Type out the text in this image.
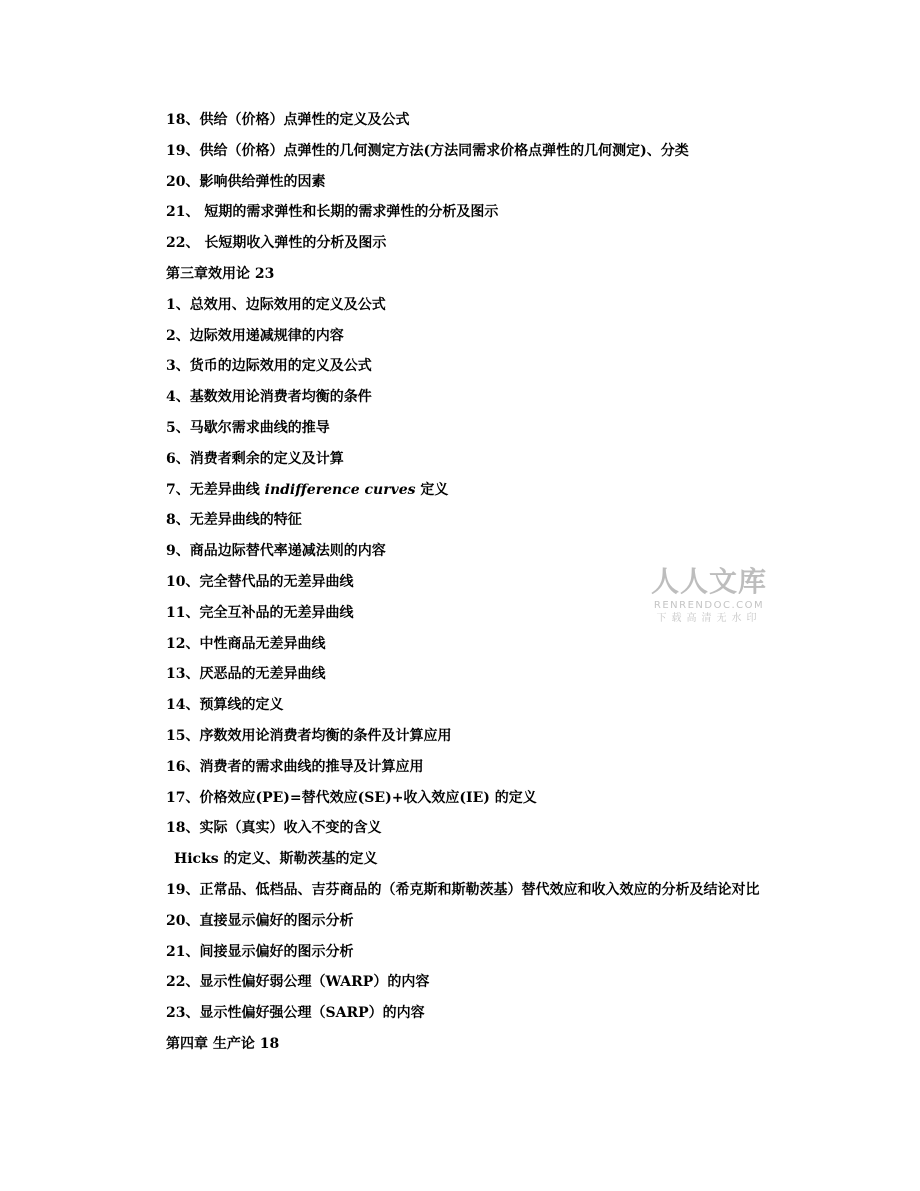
18、供给（价格）点弹性的定义及公式
19、供给（价格）点弹性的几何测定方法(方法同需求价格点弹性的几何测定)、分类
20、影响供给弹性的因素
21、 短期的需求弹性和长期的需求弹性的分析及图示
22、 长短期收入弹性的分析及图示
第三章效用论 23
1、总效用、边际效用的定义及公式
2、边际效用递减规律的内容
3、货币的边际效用的定义及公式
4、基数效用论消费者均衡的条件
5、马歇尔需求曲线的推导
6、消费者剩余的定义及计算
7、无差异曲线 indifference curves 定义
8、无差异曲线的特征
9、商品边际替代率递减法则的内容
10、完全替代品的无差异曲线
11、完全互补品的无差异曲线
12、中性商品无差异曲线
13、厌恶品的无差异曲线
14、预算线的定义
15、序数效用论消费者均衡的条件及计算应用
16、消费者的需求曲线的推导及计算应用
17、价格效应(PE)=替代效应(SE)+收入效应(IE) 的定义
18、实际（真实）收入不变的含义
Hicks 的定义、斯勒茨基的定义
19、正常品、低档品、吉芬商品的（希克斯和斯勒茨基）替代效应和收入效应的分析及结论对比
20、直接显示偏好的图示分析
21、间接显示偏好的图示分析
22、显示性偏好弱公理（WARP）的内容
23、显示性偏好强公理（SARP）的内容
第四章 生产论 18
人人文库
RENRENDOC.COM
下载高清无水印
